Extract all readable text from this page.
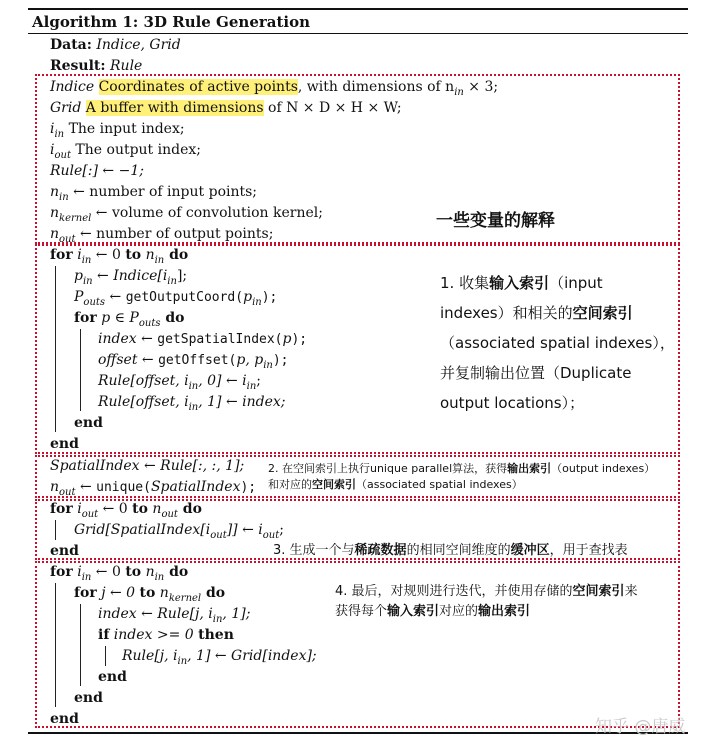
Algorithm 1: 3D Rule Generation
Data: Indice, Grid
Result: Rule
Indice Coordinates of active points, with dimensions of $n_{in} \times 3$;
Grid A buffer with dimensions of N × D × H × W;
$i_{in}$ The input index;
$i_{out}$ The output index;
Rule[:] ← −1;
$n_{in}$ ← number of input points;
$n_{kernel}$ ← volume of convolution kernel;
$n_{out}$ ← number of output points;
一些变量的解释
for $i_{in}$ ← 0 to $n_{in}$ do
$p_{in}$ ← $Indice[i_{in}]$;
$P_{outs}$ ← $getOutputCoord(p_{in})$;
for p ∈ $P_{outs}$ do
index ← getSpatialIndex(p);
offset ← getOffset(p, $p_{in}$);
Rule[offset, $i_{in}$, 0] ← $i_{in}$;
Rule[offset, $i_{in}$, 1] ← index;
end
end
1. 收集输入索引（input
indexes）和相关的空间索引
（associated spatial indexes），
并复制输出位置（Duplicate
output locations）；
SpatialIndex ← Rule[:, :, 1];
$n_{out}$ ← unique(SpatialIndex);
2. 在空间索引上执行unique parallel算法，获得输出索引（output indexes）
和对应的空间索引（associated spatial indexes）
for $i_{out}$ ← 0 to $n_{out}$ do
$Grid[SpatialIndex[i_{out}]]$ ← $i_{out}$;
end	3. 生成一个与稀疏数据的相同空间维度的缓冲区，用于查找表
for $i_{in}$ ← 0 to $n_{in}$ do
for j ← 0 to $n_{kernel}$ do
index ← Rule[j, $i_{in}$, 1];
if index >= 0 then
Rule[j, $i_{in}$, 1] ← Grid[index];
end
end
end
4. 最后，对规则进行迭代，并使用存储的空间索引来
获得每个输入索引对应的输出索引
知乎 @唐威
